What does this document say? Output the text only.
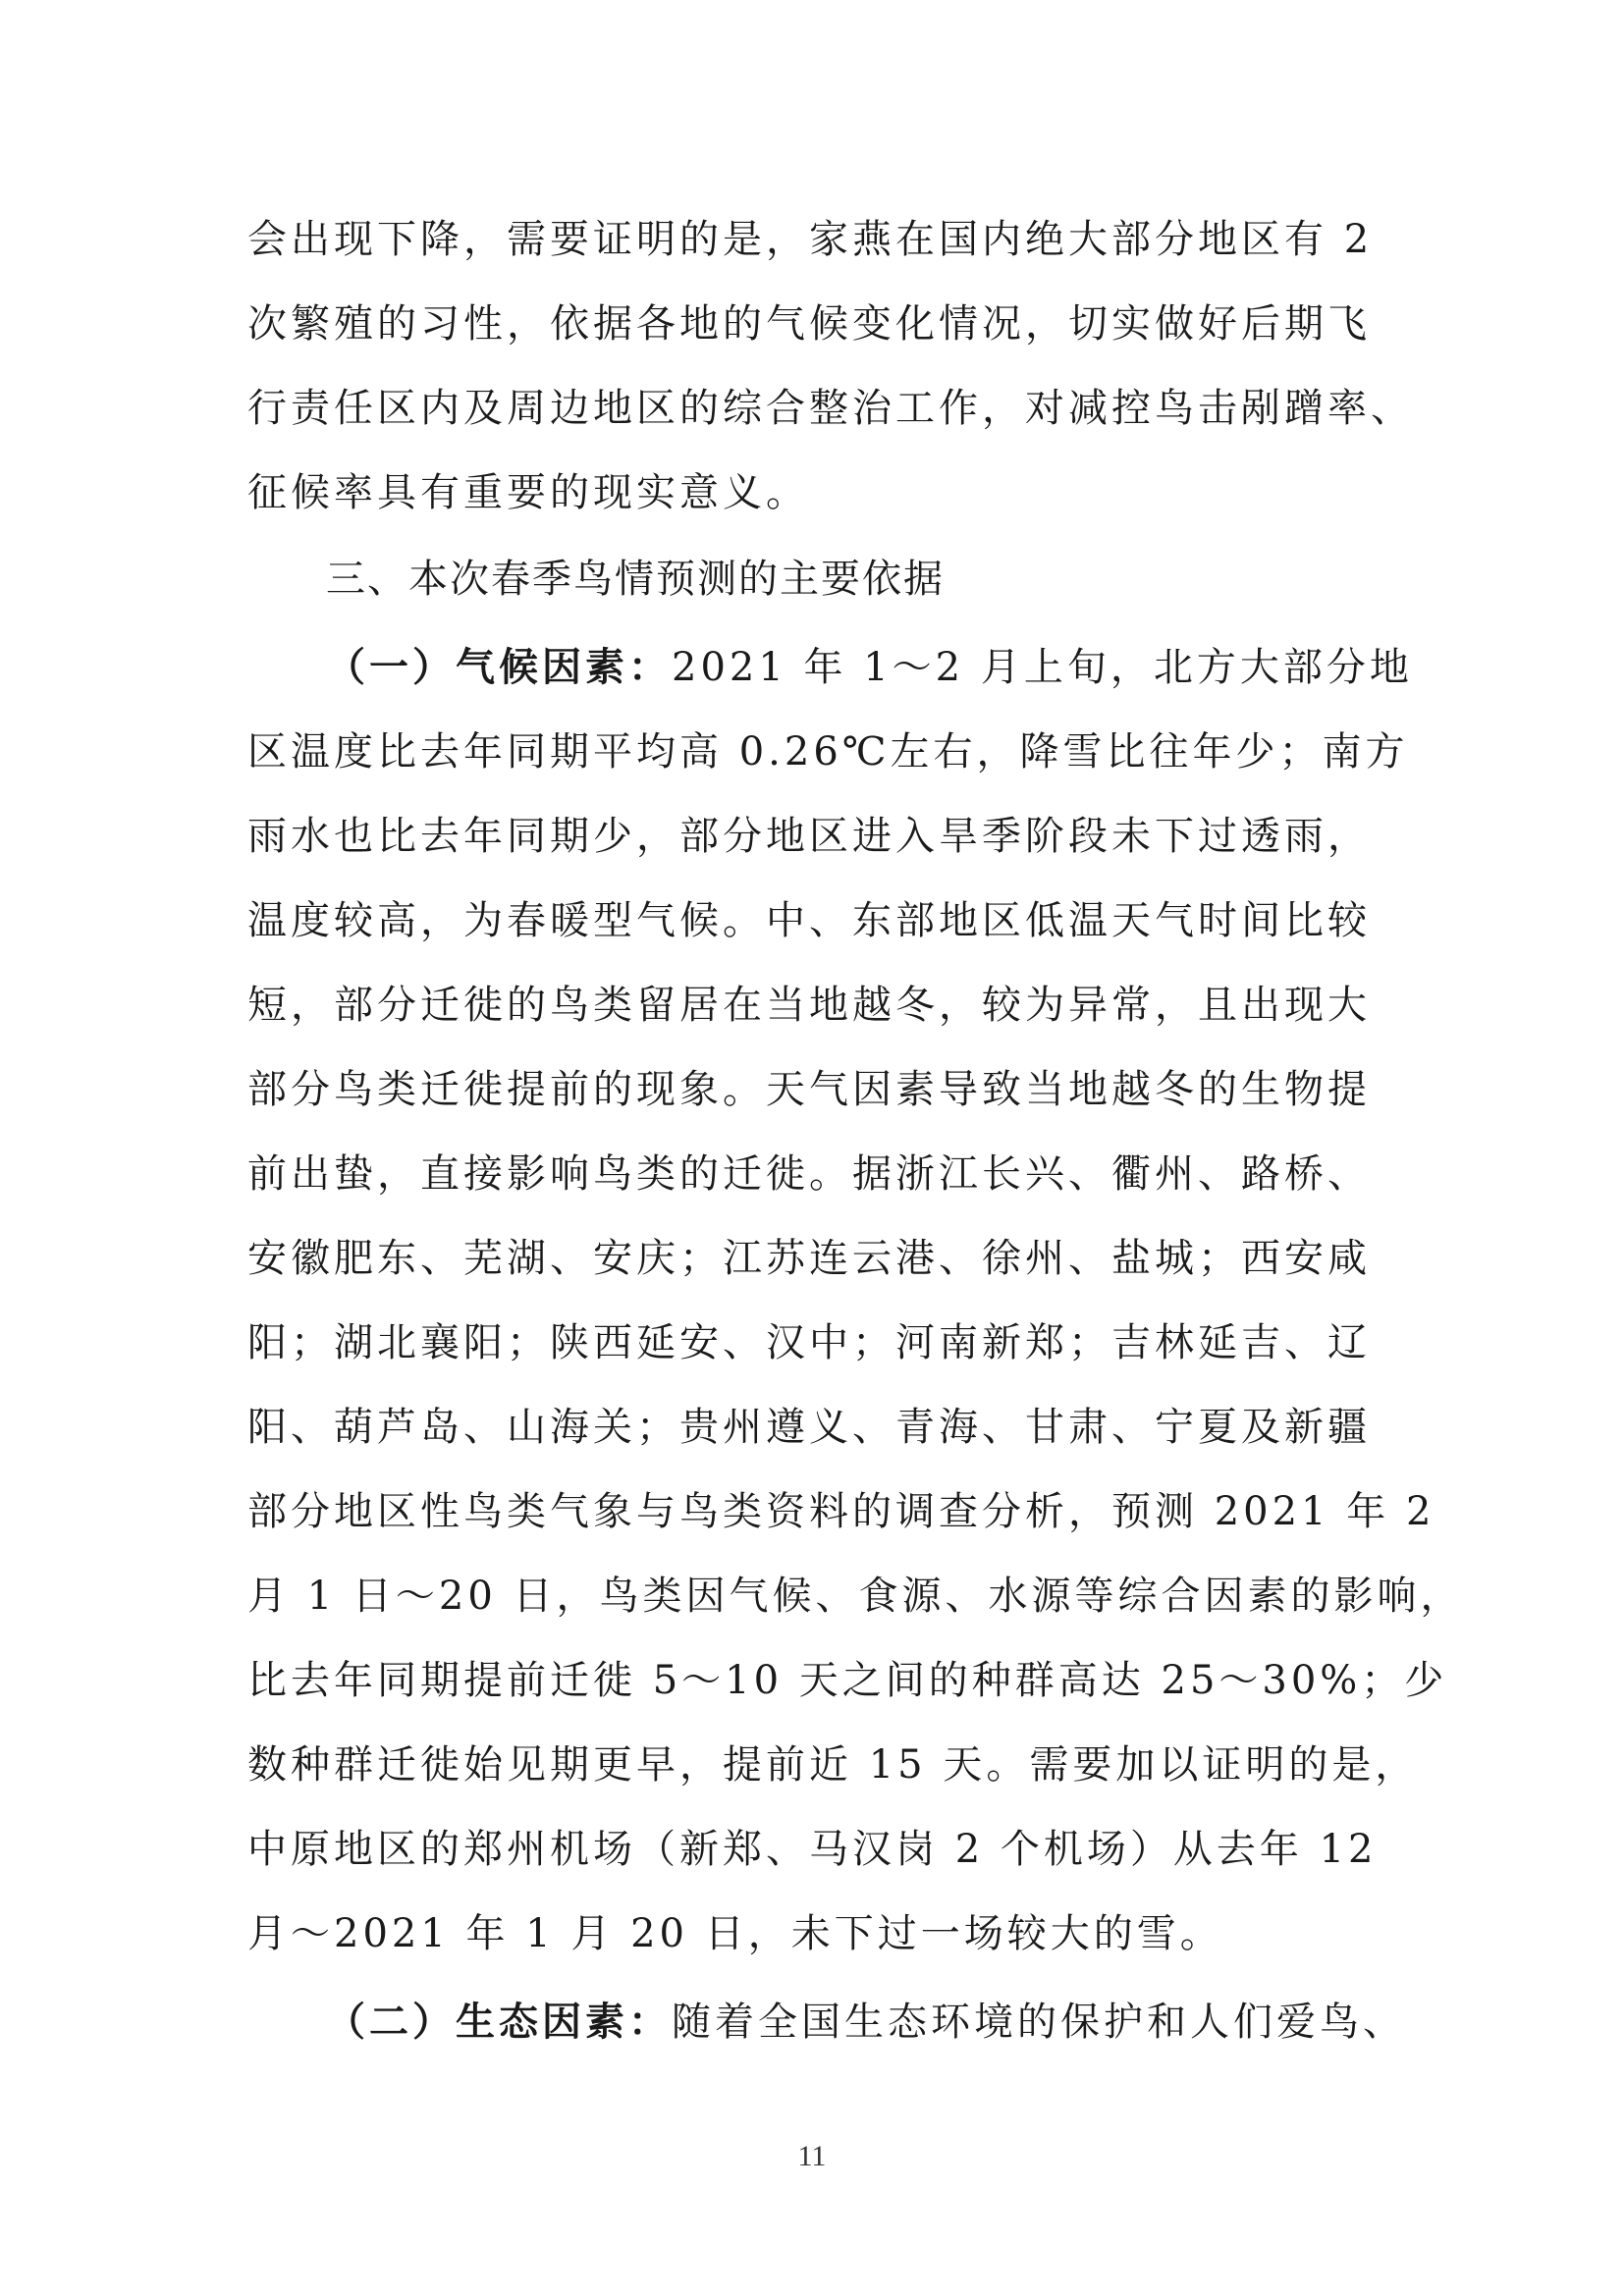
会出现下降，需要证明的是，家燕在国内绝大部分地区有 2
次繁殖的习性，依据各地的气候变化情况，切实做好后期飞
行责任区内及周边地区的综合整治工作，对减控鸟击剐蹭率、
征候率具有重要的现实意义。
三、本次春季鸟情预测的主要依据
（一）气候因素：2021 年 1～2 月上旬，北方大部分地
区温度比去年同期平均高 0.26℃左右，降雪比往年少；南方
雨水也比去年同期少，部分地区进入旱季阶段未下过透雨，
温度较高，为春暖型气候。中、东部地区低温天气时间比较
短，部分迁徙的鸟类留居在当地越冬，较为异常，且出现大
部分鸟类迁徙提前的现象。天气因素导致当地越冬的生物提
前出蛰，直接影响鸟类的迁徙。据浙江长兴、衢州、路桥、
安徽肥东、芜湖、安庆；江苏连云港、徐州、盐城；西安咸
阳；湖北襄阳；陕西延安、汉中；河南新郑；吉林延吉、辽
阳、葫芦岛、山海关；贵州遵义、青海、甘肃、宁夏及新疆
部分地区性鸟类气象与鸟类资料的调查分析，预测 2021 年 2
月 1 日～20 日，鸟类因气候、食源、水源等综合因素的影响，
比去年同期提前迁徙 5～10 天之间的种群高达 25～30%；少
数种群迁徙始见期更早，提前近 15 天。需要加以证明的是，
中原地区的郑州机场（新郑、马汉岗 2 个机场）从去年 12
月～2021 年 1 月 20 日，未下过一场较大的雪。
（二）生态因素：随着全国生态环境的保护和人们爱鸟、
11
